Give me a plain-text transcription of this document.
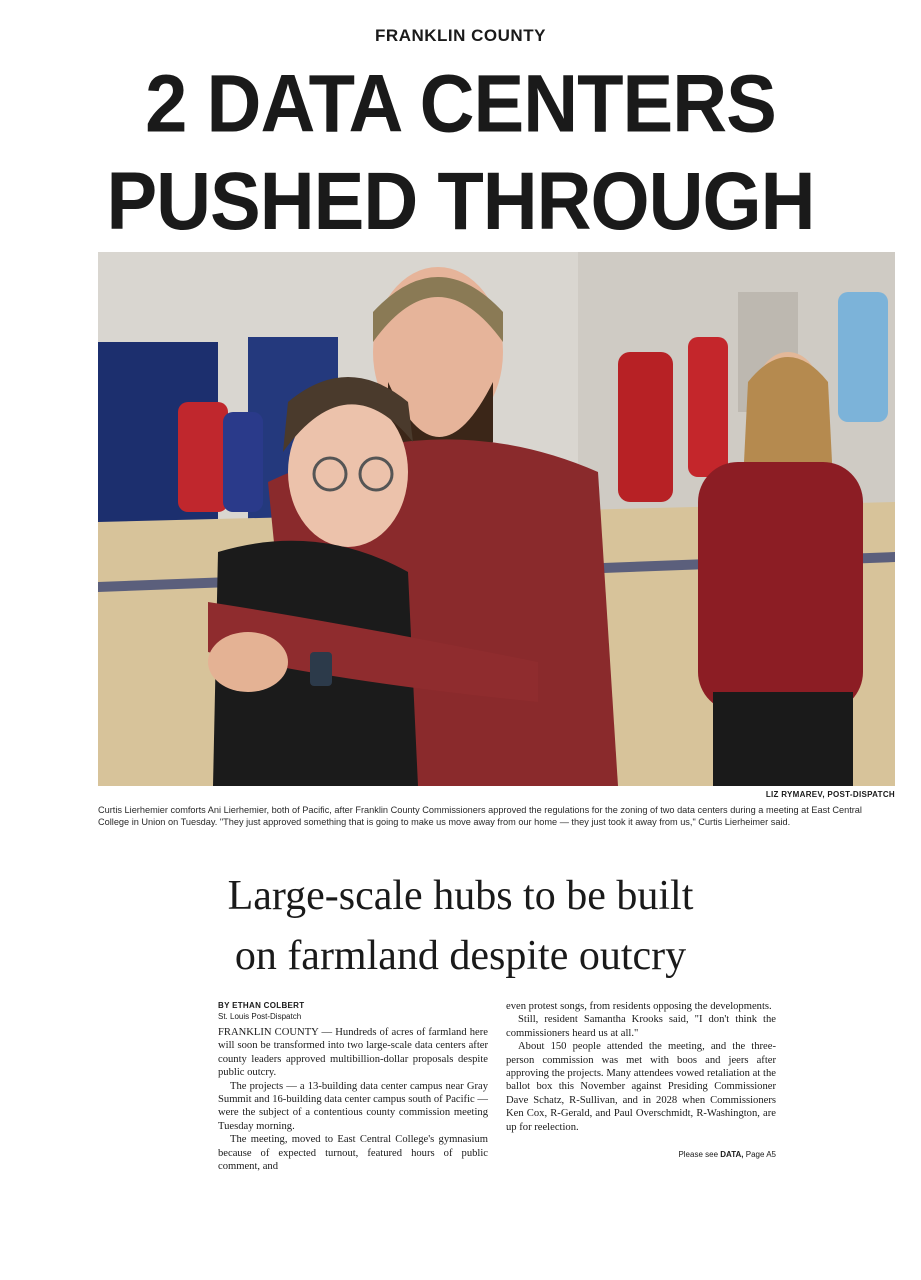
FRANKLIN COUNTY
2 DATA CENTERS
PUSHED THROUGH
LIZ RYMAREV, POST-DISPATCH
Curtis Lierhemier comforts Ani Lierhemier, both of Pacific, after Franklin County Commissioners approved the regulations for the zoning of two data centers during a meeting at East Central College in Union on Tuesday. "They just approved something that is going to make us move away from our home — they just took it away from us," Curtis Lierheimer said.
Large-scale hubs to be built
on farmland despite outcry
BY ETHAN COLBERT
St. Louis Post-Dispatch

FRANKLIN COUNTY — Hundreds of acres of farmland here will soon be transformed into two large-scale data centers after county leaders approved multibillion-dollar proposals despite public outcry.

The projects — a 13-building data center campus near Gray Summit and 16-building data center campus south of Pacific — were the subject of a contentious county commission meeting Tuesday morning.

The meeting, moved to East Central College's gymnasium because of expected turnout, featured hours of public comment, and

even protest songs, from residents opposing the developments.

Still, resident Samantha Krooks said, "I don't think the commissioners heard us at all."

About 150 people attended the meeting, and the three-person commission was met with boos and jeers after approving the projects. Many attendees vowed retaliation at the ballot box this November against Presiding Commissioner Dave Schatz, R-Sullivan, and in 2028 when Commissioners Ken Cox, R-Gerald, and Paul Overschmidt, R-Washington, are up for reelection.

Please see DATA, Page A5
